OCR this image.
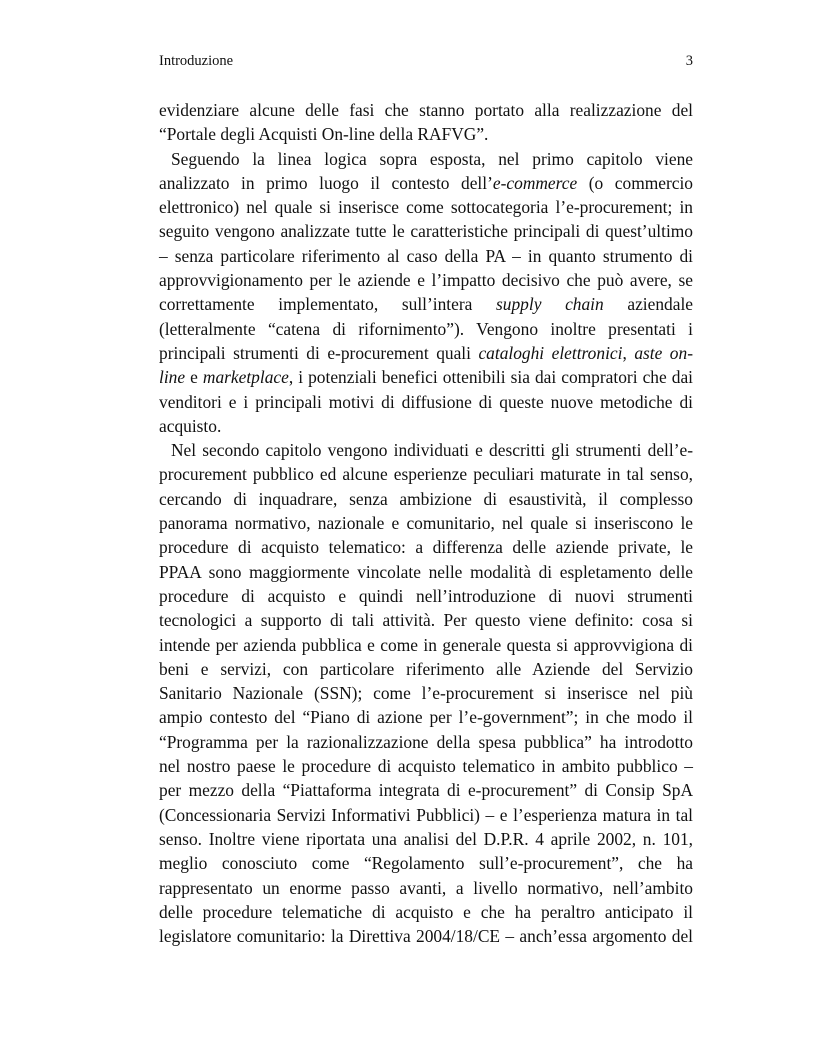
Introduzione	3
evidenziare alcune delle fasi che stanno portato alla realizzazione del
“Portale degli Acquisti On-line della RAFVG”.
Seguendo la linea logica sopra esposta, nel primo capitolo viene
analizzato in primo luogo il contesto dell’e-commerce (o commercio
elettronico) nel quale si inserisce come sottocategoria l’e-procurement; in
seguito vengono analizzate tutte le caratteristiche principali di quest’ultimo
– senza particolare riferimento al caso della PA – in quanto strumento di
approvvigionamento per le aziende e l’impatto decisivo che può avere, se
correttamente implementato, sull’intera supply chain aziendale
(letteralmente “catena di rifornimento”). Vengono inoltre presentati i
principali strumenti di e-procurement quali cataloghi elettronici, aste on-
line e marketplace, i potenziali benefici ottenibili sia dai compratori che dai
venditori e i principali motivi di diffusione di queste nuove metodiche di
acquisto.
Nel secondo capitolo vengono individuati e descritti gli strumenti dell’e-
procurement pubblico ed alcune esperienze peculiari maturate in tal senso,
cercando di inquadrare, senza ambizione di esaustività, il complesso
panorama normativo, nazionale e comunitario, nel quale si inseriscono le
procedure di acquisto telematico: a differenza delle aziende private, le
PPAA sono maggiormente vincolate nelle modalità di espletamento delle
procedure di acquisto e quindi nell’introduzione di nuovi strumenti
tecnologici a supporto di tali attività. Per questo viene definito: cosa si
intende per azienda pubblica e come in generale questa si approvvigiona di
beni e servizi, con particolare riferimento alle Aziende del Servizio
Sanitario Nazionale (SSN); come l’e-procurement si inserisce nel più
ampio contesto del “Piano di azione per l’e-government”; in che modo il
“Programma per la razionalizzazione della spesa pubblica” ha introdotto
nel nostro paese le procedure di acquisto telematico in ambito pubblico –
per mezzo della “Piattaforma integrata di e-procurement” di Consip SpA
(Concessionaria Servizi Informativi Pubblici) – e l’esperienza matura in tal
senso. Inoltre viene riportata una analisi del D.P.R. 4 aprile 2002, n. 101,
meglio conosciuto come “Regolamento sull’e-procurement”, che ha
rappresentato un enorme passo avanti, a livello normativo, nell’ambito
delle procedure telematiche di acquisto e che ha peraltro anticipato il
legislatore comunitario: la Direttiva 2004/18/CE – anch’essa argomento del
